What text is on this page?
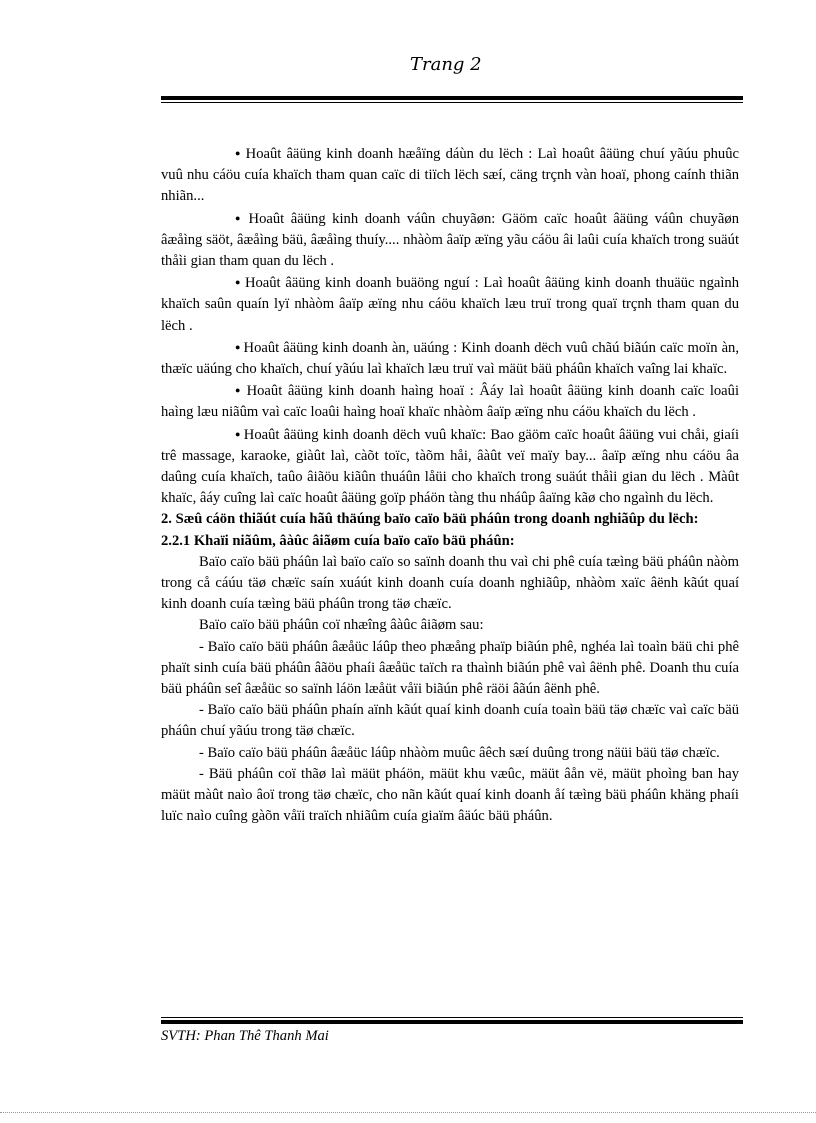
Trang 2

● Hoaût âäüng kinh doanh hæåïng dáùn du lëch : Laì hoaût âäüng chuí yãúu phuûc vuû nhu cáöu cuía khaïch tham quan caïc di tiïch lëch sæí, cäng trçnh vàn hoaï, phong caính thiãn nhiãn...

● Hoaût âäüng kinh doanh váûn chuyãøn: Gäöm caïc hoaût âäüng váûn chuyãøn âæåìng säöt, âæåìng bäü, âæåìng thuíy.... nhàòm âaïp æïng yãu cáöu âi laûi cuía khaïch trong suäút thåìi gian tham quan du lëch .

● Hoaût âäüng kinh doanh buäöng nguí : Laì hoaût âäüng kinh doanh thuäüc ngaình khaïch saûn quaín lyï nhàòm âaïp æïng nhu cáöu khaïch læu truï trong quaï trçnh tham quan du lëch .

● Hoaût âäüng kinh doanh àn, uäúng : Kinh doanh dëch vuû chãú biãún caïc moïn àn, thæïc uäúng cho khaïch, chuí yãúu laì khaïch læu truï vaì mäüt bäü pháûn khaïch vaîng lai khaïc.

● Hoaût âäüng kinh doanh haìng hoaï : Âáy laì hoaût âäüng kinh doanh caïc loaûi haìng læu niãûm vaì caïc loaûi haìng hoaï khaïc nhàòm âaïp æïng nhu cáöu khaïch du lëch .

● Hoaût âäüng kinh doanh dëch vuû khaïc: Bao gäöm caïc hoaût âäüng vui chåi, giaíi trê massage, karaoke, giàût laì, càõt toïc, tàõm håi, âàût veï maïy bay... âaïp æïng nhu cáöu âa daûng cuía khaïch, taûo âiãöu kiãûn thuáûn låüi cho khaïch trong suäút thåìi gian du lëch . Màût khaïc, âáy cuîng laì caïc hoaût âäüng goïp pháön tàng thu nháûp âaïng kãø cho ngaình du lëch.

2. Sæû cáön thiãút cuía hãû thäúng baïo caïo bäü pháûn trong doanh nghiãûp du lëch:

2.2.1 Khaïi niãûm, âàûc âiãøm cuía baïo caïo bäü pháûn:

Baïo caïo bäü pháûn laì baïo caïo so saïnh doanh thu vaì chi phê cuía tæìng bäü pháûn nàòm trong cå cáúu täø chæïc saín xuáút kinh doanh cuía doanh nghiãûp, nhàòm xaïc âënh kãút quaí kinh doanh cuía tæìng bäü pháûn trong täø chæïc.

Baïo caïo bäü pháûn coï nhæîng âàûc âiãøm sau:

- Baïo caïo bäü pháûn âæåüc láûp theo phæång phaïp biãún phê, nghéa laì toaìn bäü chi phê phaït sinh cuía bäü pháûn âãöu phaíi âæåüc taïch ra thaình biãún phê vaì âënh phê. Doanh thu cuía bäü pháûn seî âæåüc so saïnh láön læåüt våïi biãún phê räöi âãún âënh phê.

- Baïo caïo bäü pháûn phaín aïnh kãút quaí kinh doanh cuía toaìn bäü täø chæïc vaì caïc bäü pháûn chuí yãúu trong täø chæïc.

- Baïo caïo bäü pháûn âæåüc láûp nhàòm muûc âêch sæí duûng trong näüi bäü täø chæïc.

- Bäü pháûn coï thãø laì mäüt pháön, mäüt khu væûc, mäüt âån vë, mäüt phoìng ban hay mäüt màût naìo âoï trong täø chæïc, cho nãn kãút quaí kinh doanh åí tæìng bäü pháûn khäng phaíi luïc naìo cuîng gàõn våïi traïch nhiãûm cuía giaïm âäúc bäü pháûn.

SVTH: Phan Thê Thanh Mai
